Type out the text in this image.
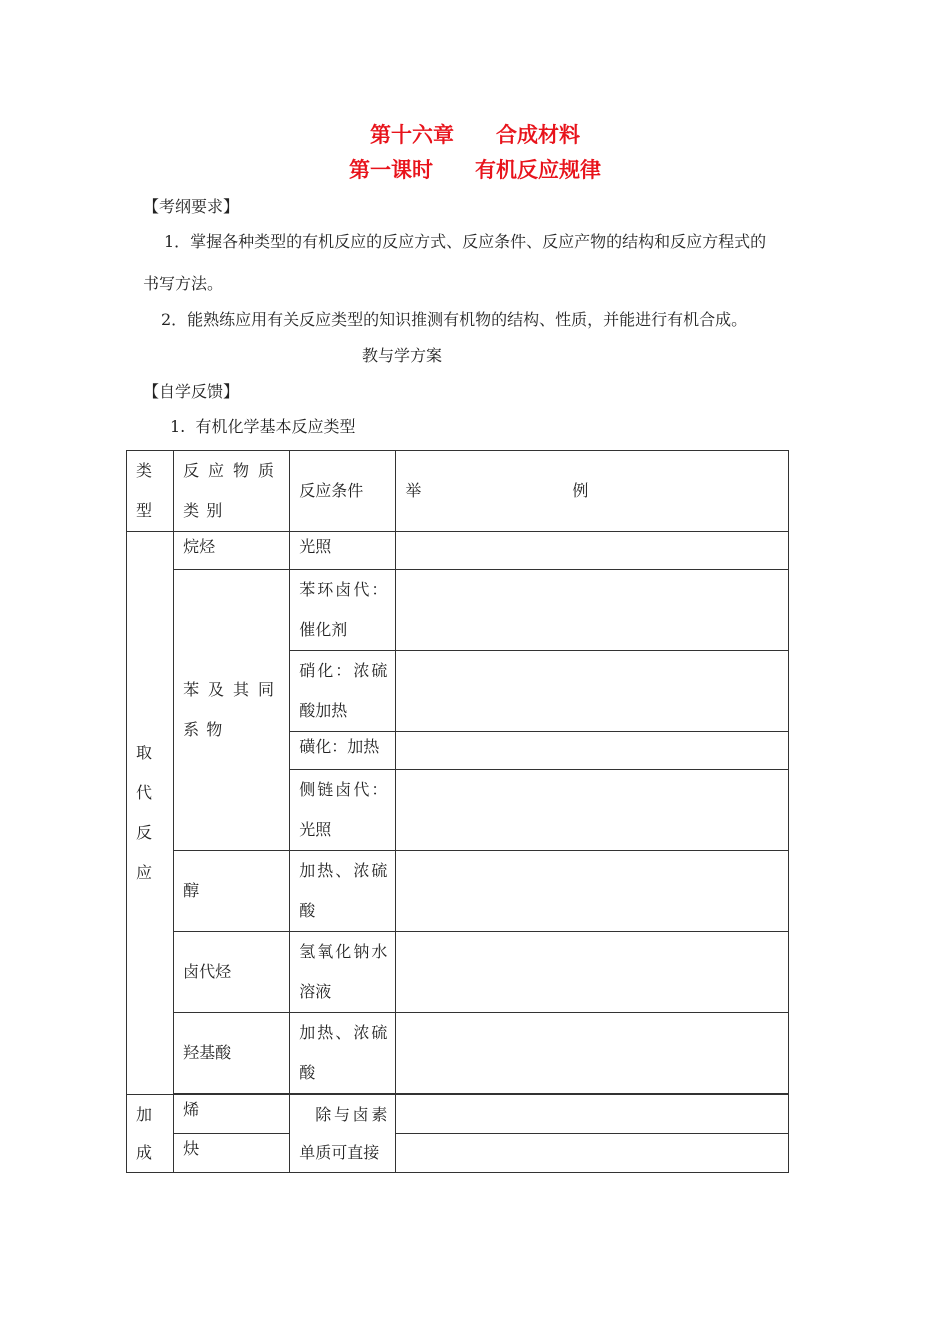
第十六章　　合成材料
第一课时　　有机反应规律
【考纲要求】
1．掌握各种类型的有机反应的反应方式、反应条件、反应产物的结构和反应方程式的
书写方法。
2．能熟练应用有关反应类型的知识推测有机物的结构、性质，并能进行有机合成。
教与学方案
【自学反馈】
1.  有机化学基本反应类型
类型	反应物质类别	反应条件	举 例

取代反应	烷烃	光照	

	苯及其同系物	苯环卤代：催化剂	

		硝化：浓硫酸加热	

		磺化：加热	

		侧链卤代：光照	

	醇	加热、浓硫酸	

	卤代烃	氢氧化钠水溶液	

	羟基酸	加热、浓硫酸	

加成	烯	除与卤素单质可直接	

	炔		
